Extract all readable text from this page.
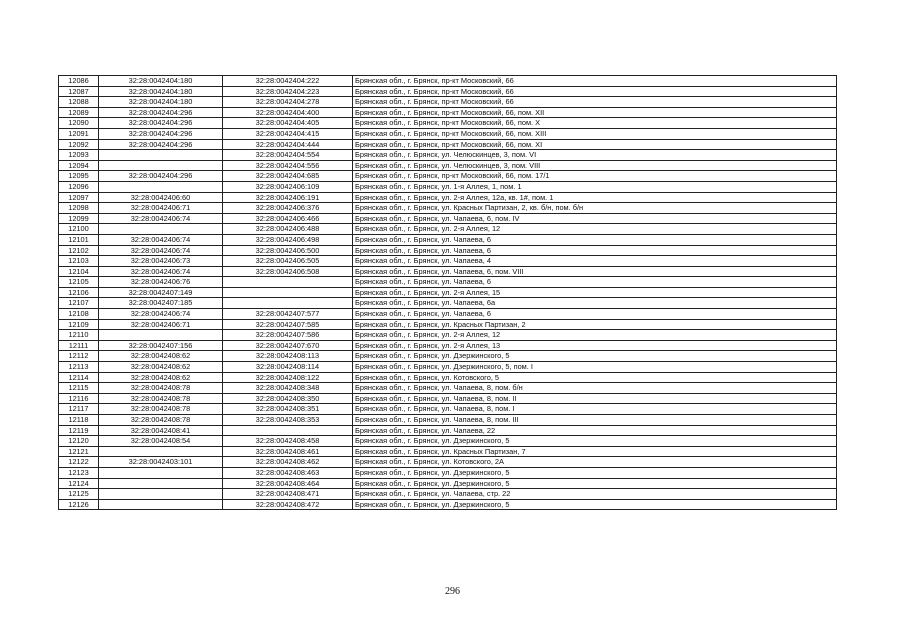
12086	32:28:0042404:180	32:28:0042404:222	Брянская обл., г. Брянск, пр-кт Московский, 66
12087	32:28:0042404:180	32:28:0042404:223	Брянская обл., г. Брянск, пр-кт Московский, 66
12088	32:28:0042404:180	32:28:0042404:278	Брянская обл., г. Брянск, пр-кт Московский, 66
12089	32:28:0042404:296	32:28:0042404:400	Брянская обл., г. Брянск, пр-кт Московский, 66, пом. XII
12090	32:28:0042404:296	32:28:0042404:405	Брянская обл., г. Брянск, пр-кт Московский, 66, пом. X
12091	32:28:0042404:296	32:28:0042404:415	Брянская обл., г. Брянск, пр-кт Московский, 66, пом. XIII
12092	32:28:0042404:296	32:28:0042404:444	Брянская обл., г. Брянск, пр-кт Московский, 66, пом. XI
12093		32:28:0042404:554	Брянская обл., г. Брянск, ул. Челюскинцев, 3, пом. VI
12094		32:28:0042404:556	Брянская обл., г. Брянск, ул. Челюскинцев, 3, пом. VIII
12095	32:28:0042404:296	32:28:0042404:685	Брянская обл., г. Брянск, пр-кт Московский, 66, пом. 17/1
12096		32:28:0042406:109	Брянская обл., г. Брянск, ул. 1-я Аллея, 1, пом. 1
12097	32:28:0042406:60	32:28:0042406:191	Брянская обл., г. Брянск, ул. 2-я Аллея, 12а, кв. 1#, пом. 1
12098	32:28:0042406:71	32:28:0042406:376	Брянская обл., г. Брянск, ул. Красных Партизан, 2, кв. б/н, пом. б/н
12099	32:28:0042406:74	32:28:0042406:466	Брянская обл., г. Брянск, ул. Чапаева, 6, пом. IV
12100		32:28:0042406:488	Брянская обл., г. Брянск, ул. 2-я Аллея, 12
12101	32:28:0042406:74	32:28:0042406:498	Брянская обл., г. Брянск, ул. Чапаева, 6
12102	32:28:0042406:74	32:28:0042406:500	Брянская обл., г. Брянск, ул. Чапаева, 6
12103	32:28:0042406:73	32:28:0042406:505	Брянская обл., г. Брянск, ул. Чапаева, 4
12104	32:28:0042406:74	32:28:0042406:508	Брянская обл., г. Брянск, ул. Чапаева, 6, пом. VIII
12105	32:28:0042406:76		Брянская обл., г. Брянск, ул. Чапаева, 6
12106	32:28:0042407:149		Брянская обл., г. Брянск, ул. 2-я Аллея, 15
12107	32:28:0042407:185		Брянская обл., г. Брянск, ул. Чапаева, 6а
12108	32:28:0042406:74	32:28:0042407:577	Брянская обл., г. Брянск, ул. Чапаева, 6
12109	32:28:0042406:71	32:28:0042407:585	Брянская обл., г. Брянск, ул. Красных Партизан, 2
12110		32:28:0042407:586	Брянская обл., г. Брянск, ул. 2-я Аллея, 12
12111	32:28:0042407:156	32:28:0042407:670	Брянская обл., г. Брянск, ул. 2-я Аллея, 13
12112	32:28:0042408:62	32:28:0042408:113	Брянская обл., г. Брянск, ул. Дзержинского, 5
12113	32:28:0042408:62	32:28:0042408:114	Брянская обл., г. Брянск, ул. Дзержинского, 5, пом. I
12114	32:28:0042408:62	32:28:0042408:122	Брянская обл., г. Брянск, ул. Котовского, 5
12115	32:28:0042408:78	32:28:0042408:348	Брянская обл., г. Брянск, ул. Чапаева, 8, пом. б/н
12116	32:28:0042408:78	32:28:0042408:350	Брянская обл., г. Брянск, ул. Чапаева, 8, пом. II
12117	32:28:0042408:78	32:28:0042408:351	Брянская обл., г. Брянск, ул. Чапаева, 8, пом. I
12118	32:28:0042408:78	32:28:0042408:353	Брянская обл., г. Брянск, ул. Чапаева, 8, пом. III
12119	32:28:0042408:41		Брянская обл., г. Брянск, ул. Чапаева, 22
12120	32:28:0042408:54	32:28:0042408:458	Брянская обл., г. Брянск, ул. Дзержинского, 5
12121		32:28:0042408:461	Брянская обл., г. Брянск, ул. Красных Партизан, 7
12122	32:28:0042403:101	32:28:0042408:462	Брянская обл., г. Брянск, ул. Котовского, 2А
12123		32:28:0042408:463	Брянская обл., г. Брянск, ул. Дзержинского, 5
12124		32:28:0042408:464	Брянская обл., г. Брянск, ул. Дзержинского, 5
12125		32:28:0042408:471	Брянская обл., г. Брянск, ул. Чапаева, стр. 22
12126		32:28:0042408:472	Брянская обл., г. Брянск, ул. Дзержинского, 5
296
